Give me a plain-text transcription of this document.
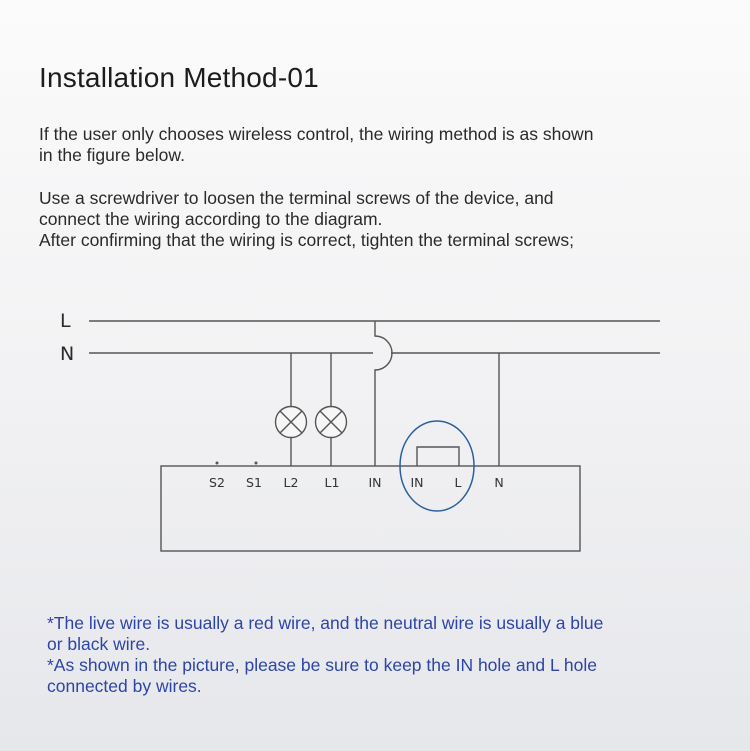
Installation Method-01
If the user only chooses wireless control, the wiring method is as shown
in the figure below.
Use a screwdriver to loosen the terminal screws of the device, and
connect the wiring according to the diagram.
After confirming that the wiring is correct, tighten the terminal screws;
L
N
S2 S1 L2 L1 IN IN L	N
*The live wire is usually a red wire, and the neutral wire is usually a blue
or black wire.
*As shown in the picture, please be sure to keep the IN hole and L hole
connected by wires.
